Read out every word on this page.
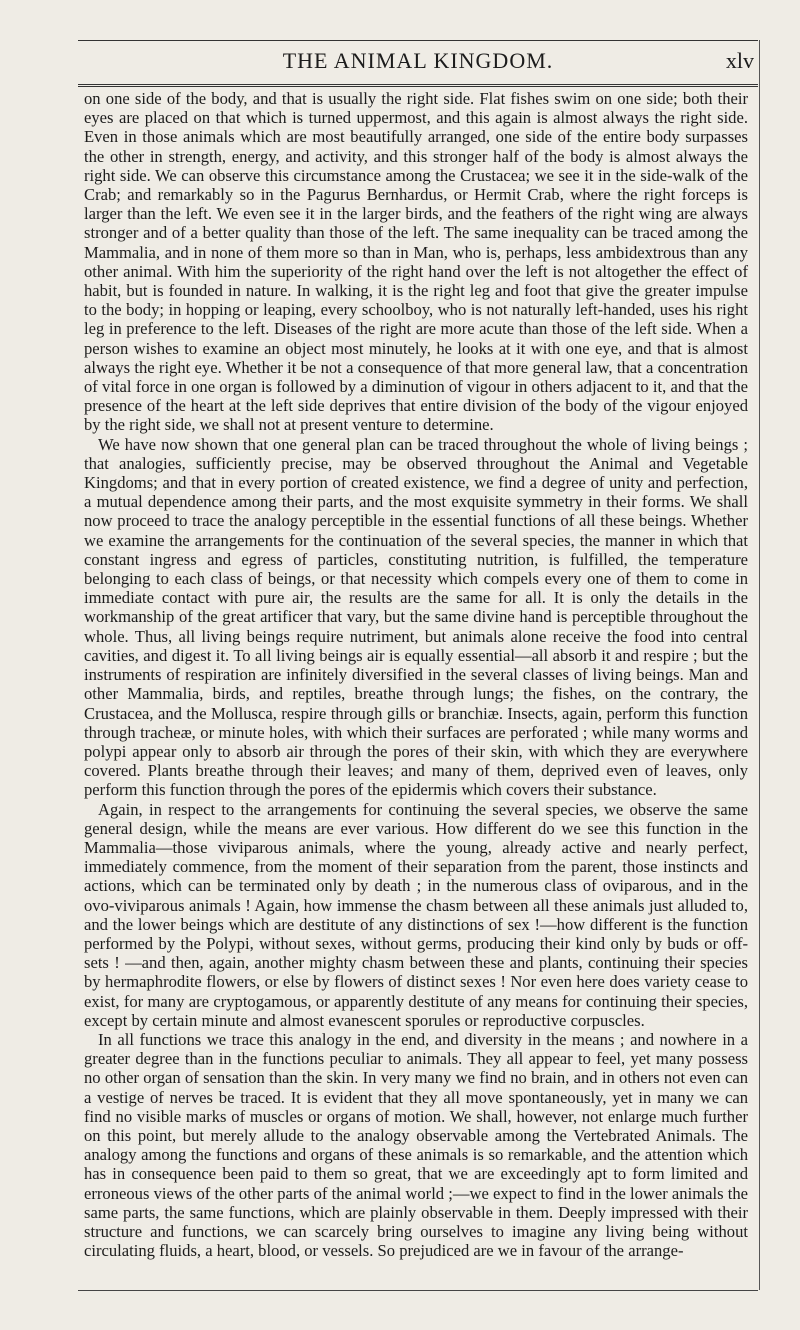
THE ANIMAL KINGDOM.	xlv

on one side of the body, and that is usually the right side. Flat fishes swim on one side; both their eyes are placed on that which is turned uppermost, and this again is almost always the right side. Even in those animals which are most beautifully arranged, one side of the entire body surpasses the other in strength, energy, and activity, and this stronger half of the body is almost always the right side. We can observe this circumstance among the Crustacea; we see it in the side-walk of the Crab; and remarkably so in the Pagurus Bernhardus, or Hermit Crab, where the right forceps is larger than the left. We even see it in the larger birds, and the feathers of the right wing are always stronger and of a better quality than those of the left. The same inequality can be traced among the Mammalia, and in none of them more so than in Man, who is, perhaps, less ambidextrous than any other animal. With him the superiority of the right hand over the left is not altogether the effect of habit, but is founded in nature. In walking, it is the right leg and foot that give the greater impulse to the body; in hopping or leaping, every schoolboy, who is not naturally left-handed, uses his right leg in preference to the left. Diseases of the right are more acute than those of the left side. When a person wishes to examine an object most minutely, he looks at it with one eye, and that is almost always the right eye. Whether it be not a consequence of that more general law, that a concentration of vital force in one organ is followed by a diminution of vigour in others adjacent to it, and that the presence of the heart at the left side deprives that entire division of the body of the vigour enjoyed by the right side, we shall not at present venture to determine.

We have now shown that one general plan can be traced throughout the whole of living beings ; that analogies, sufficiently precise, may be observed throughout the Animal and Vegetable Kingdoms; and that in every portion of created existence, we find a degree of unity and perfection, a mutual dependence among their parts, and the most exquisite symmetry in their forms. We shall now proceed to trace the analogy perceptible in the essential functions of all these beings. Whether we examine the arrangements for the continuation of the several species, the manner in which that constant ingress and egress of particles, constituting nutrition, is fulfilled, the temperature belonging to each class of beings, or that necessity which compels every one of them to come in immediate contact with pure air, the results are the same for all. It is only the details in the workmanship of the great artificer that vary, but the same divine hand is perceptible throughout the whole. Thus, all living beings require nutriment, but animals alone receive the food into central cavities, and digest it. To all living beings air is equally essential—all absorb it and respire ; but the instruments of respiration are infinitely diversified in the several classes of living beings. Man and other Mammalia, birds, and reptiles, breathe through lungs; the fishes, on the contrary, the Crustacea, and the Mollusca, respire through gills or branchiæ. Insects, again, perform this function through tracheæ, or minute holes, with which their surfaces are perforated ; while many worms and polypi appear only to absorb air through the pores of their skin, with which they are everywhere covered. Plants breathe through their leaves; and many of them, deprived even of leaves, only perform this function through the pores of the epidermis which covers their substance.

Again, in respect to the arrangements for continuing the several species, we observe the same general design, while the means are ever various. How different do we see this function in the Mammalia—those viviparous animals, where the young, already active and nearly perfect, immediately commence, from the moment of their separation from the parent, those instincts and actions, which can be terminated only by death ; in the numerous class of oviparous, and in the ovo-viviparous animals ! Again, how immense the chasm between all these animals just alluded to, and the lower beings which are destitute of any distinctions of sex !—how different is the function performed by the Polypi, without sexes, without germs, producing their kind only by buds or off-sets ! —and then, again, another mighty chasm between these and plants, continuing their species by hermaphrodite flowers, or else by flowers of distinct sexes ! Nor even here does variety cease to exist, for many are cryptogamous, or apparently destitute of any means for continuing their species, except by certain minute and almost evanescent sporules or reproductive corpuscles.

In all functions we trace this analogy in the end, and diversity in the means ; and nowhere in a greater degree than in the functions peculiar to animals. They all appear to feel, yet many possess no other organ of sensation than the skin. In very many we find no brain, and in others not even can a vestige of nerves be traced. It is evident that they all move spontaneously, yet in many we can find no visible marks of muscles or organs of motion. We shall, however, not enlarge much further on this point, but merely allude to the analogy observable among the Vertebrated Animals. The analogy among the functions and organs of these animals is so remarkable, and the attention which has in consequence been paid to them so great, that we are exceedingly apt to form limited and erroneous views of the other parts of the animal world ;—we expect to find in the lower animals the same parts, the same functions, which are plainly observable in them. Deeply impressed with their structure and functions, we can scarcely bring ourselves to imagine any living being without circulating fluids, a heart, blood, or vessels. So prejudiced are we in favour of the arrange-
